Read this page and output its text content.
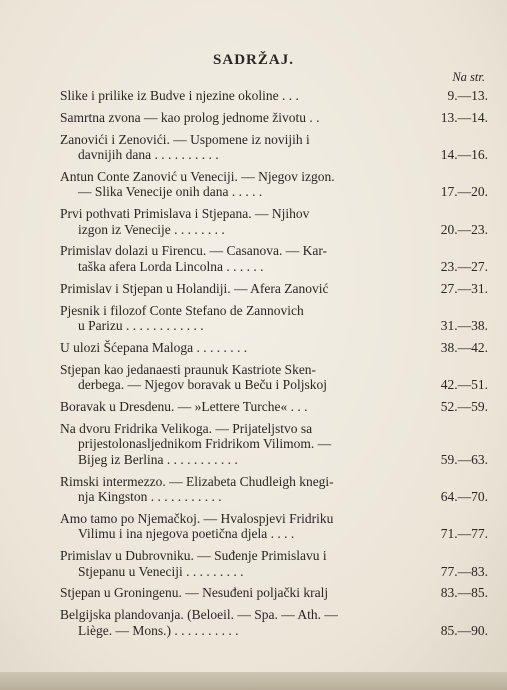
SADRŽAJ.
Na str.
Slike i prilike iz Budve i njezine okoline . . .	9.—13.
Samrtna zvona — kao prolog jednome životu . .	13.—14.
Zanovići i Zenovići. — Uspomene iz novijih i
davnijih dana . . . . . . . . . .	14.—16.
Antun Conte Zanović u Veneciji. — Njegov izgon.
— Slika Venecije onih dana . . . . .	17.—20.
Prvi pothvati Primislava i Stjepana. — Njihov
izgon iz Venecije . . . . . . . .	20.—23.
Primislav dolazi u Firencu. — Casanova. — Kar-
taška afera Lorda Lincolna . . . . . .	23.—27.
Primislav i Stjepan u Holandiji. — Afera Zanović	27.—31.
Pjesnik i filozof Conte Stefano de Zannovich
u Parizu . . . . . . . . . . . .	31.—38.
U ulozi Šćepana Maloga . . . . . . . .	38.—42.
Stjepan kao jedanaesti praunuk Kastriote Sken-
derbega. — Njegov boravak u Beču i Poljskoj	42.—51.
Boravak u Dresdenu. — »Lettere Turche« . . .	52.—59.
Na dvoru Fridrika Velikoga. — Prijateljstvo sa
prijestolonasljednikom Fridrikom Vilimom. —
Bijeg iz Berlina . . . . . . . . . . .	59.—63.
Rimski intermezzo. — Elizabeta Chudleigh knegi-
nja Kingston . . . . . . . . . . .	64.—70.
Amo tamo po Njemačkoj. — Hvalospjevi Fridriku
Vilimu i ina njegova poetična djela . . . .	71.—77.
Primislav u Dubrovniku. — Suđenje Primislavu i
Stjepanu u Veneciji . . . . . . . . .	77.—83.
Stjepan u Groningenu. — Nesuđeni poljački kralj	83.—85.
Belgijska plandovanja. (Beloeil. — Spa. — Ath. —
Liège. — Mons.) . . . . . . . . . .	85.—90.
